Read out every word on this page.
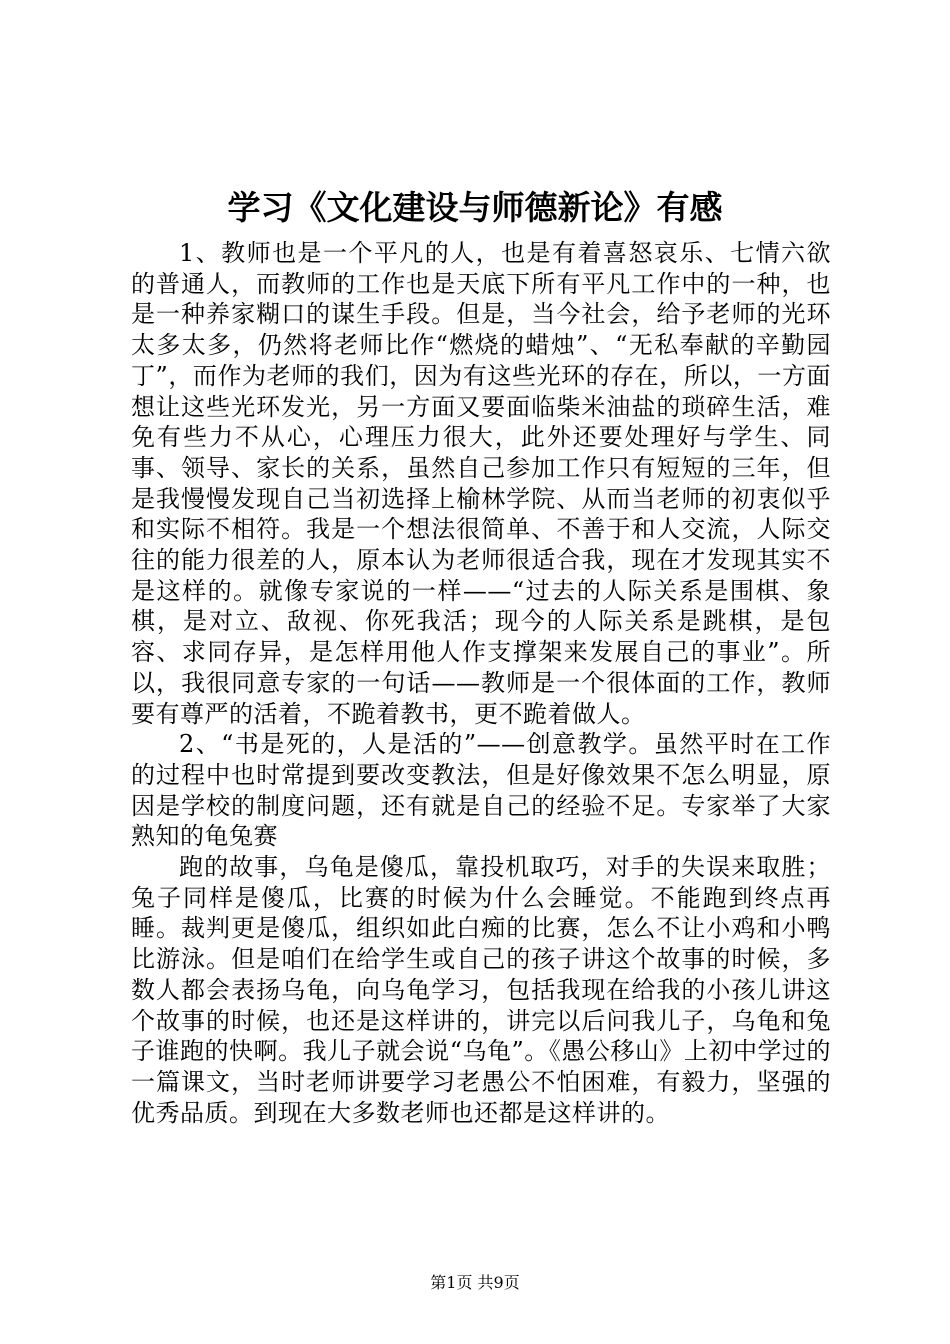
学习《文化建设与师德新论》有感

1、教师也是一个平凡的人，也是有着喜怒哀乐、七情六欲的普通人，而教师的工作也是天底下所有平凡工作中的一种，也是一种养家糊口的谋生手段。但是，当今社会，给予老师的光环太多太多，仍然将老师比作“燃烧的蜡烛”、“无私奉献的辛勤园丁”，而作为老师的我们，因为有这些光环的存在，所以，一方面想让这些光环发光，另一方面又要面临柴米油盐的琐碎生活，难免有些力不从心，心理压力很大，此外还要处理好与学生、同事、领导、家长的关系，虽然自己参加工作只有短短的三年，但是我慢慢发现自己当初选择上榆林学院、从而当老师的初衷似乎和实际不相符。我是一个想法很简单、不善于和人交流，人际交往的能力很差的人，原本认为老师很适合我，现在才发现其实不是这样的。就像专家说的一样——“过去的人际关系是围棋、象棋，是对立、敌视、你死我活；现今的人际关系是跳棋，是包容、求同存异，是怎样用他人作支撑架来发展自己的事业”。所以，我很同意专家的一句话——教师是一个很体面的工作，教师要有尊严的活着，不跪着教书，更不跪着做人。

2、“书是死的，人是活的”——创意教学。虽然平时在工作的过程中也时常提到要改变教法，但是好像效果不怎么明显，原因是学校的制度问题，还有就是自己的经验不足。专家举了大家熟知的龟兔赛

跑的故事，乌龟是傻瓜，靠投机取巧，对手的失误来取胜；兔子同样是傻瓜，比赛的时候为什么会睡觉。不能跑到终点再睡。裁判更是傻瓜，组织如此白痴的比赛，怎么不让小鸡和小鸭比游泳。但是咱们在给学生或自己的孩子讲这个故事的时候，多数人都会表扬乌龟，向乌龟学习，包括我现在给我的小孩儿讲这个故事的时候，也还是这样讲的，讲完以后问我儿子，乌龟和兔子谁跑的快啊。我儿子就会说“乌龟”。《愚公移山》上初中学过的一篇课文，当时老师讲要学习老愚公不怕困难，有毅力，坚强的优秀品质。到现在大多数老师也还都是这样讲的。

第1页 共9页
